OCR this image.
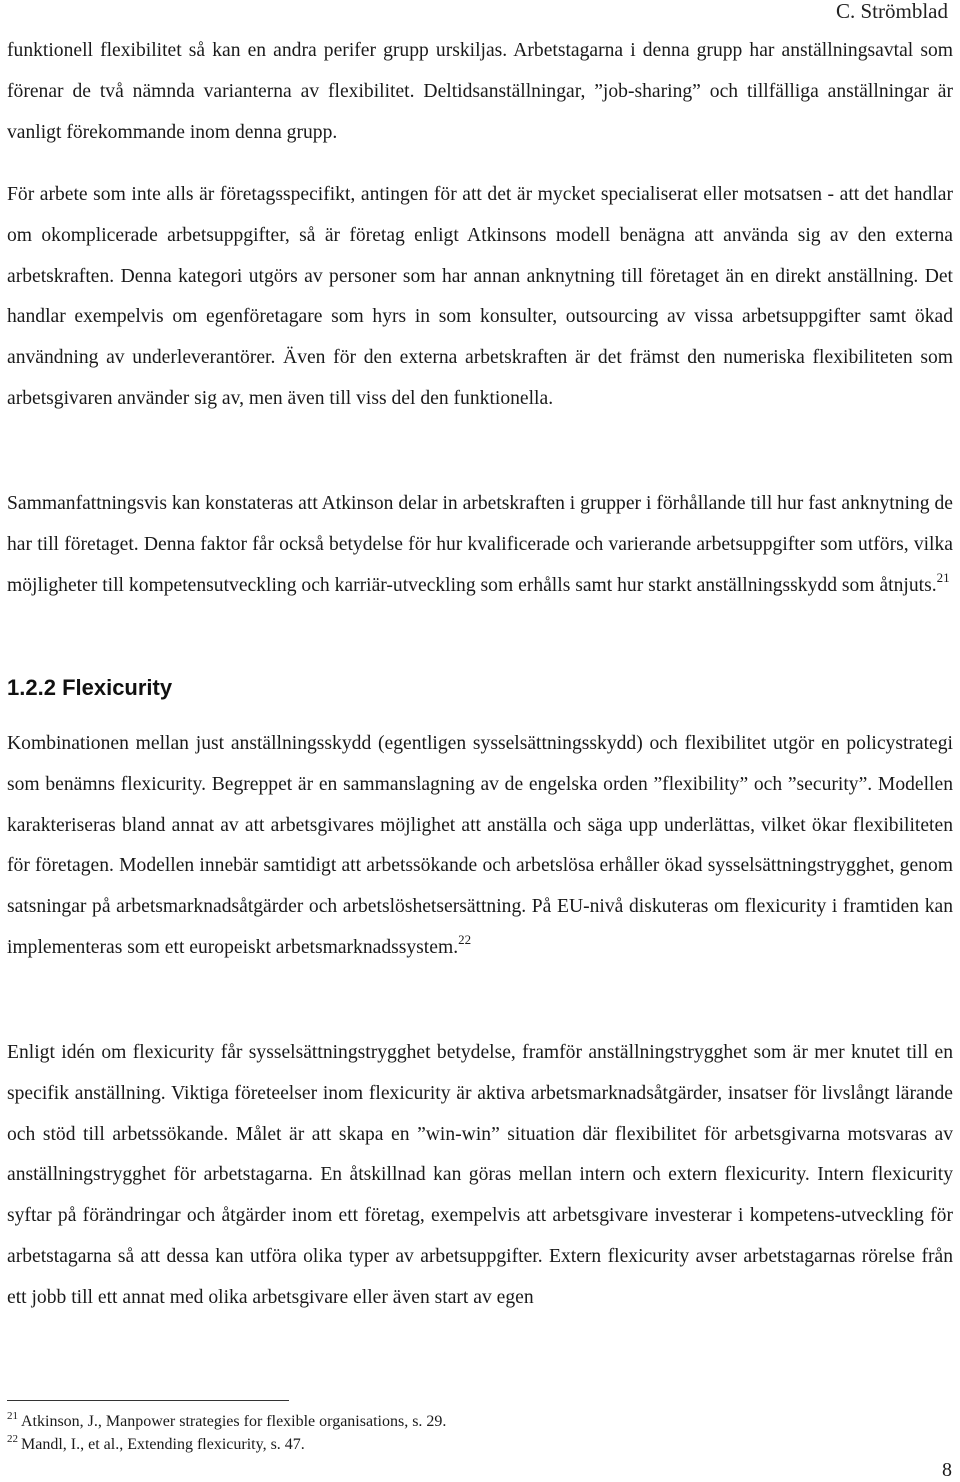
C. Strömblad

funktionell flexibilitet så kan en andra perifer grupp urskiljas. Arbetstagarna i denna grupp har anställningsavtal som förenar de två nämnda varianterna av flexibilitet. Deltidsanställningar, ”job-sharing” och tillfälliga anställningar är vanligt förekommande inom denna grupp.

För arbete som inte alls är företagsspecifikt, antingen för att det är mycket specialiserat eller motsatsen - att det handlar om okomplicerade arbetsuppgifter, så är företag enligt Atkinsons modell benägna att använda sig av den externa arbetskraften. Denna kategori utgörs av personer som har annan anknytning till företaget än en direkt anställning. Det handlar exempelvis om egenföretagare som hyrs in som konsulter, outsourcing av vissa arbetsuppgifter samt ökad användning av underleverantörer. Även för den externa arbetskraften är det främst den numeriska flexibiliteten som arbetsgivaren använder sig av, men även till viss del den funktionella.

Sammanfattningsvis kan konstateras att Atkinson delar in arbetskraften i grupper i förhållande till hur fast anknytning de har till företaget. Denna faktor får också betydelse för hur kvalificerade och varierande arbetsuppgifter som utförs, vilka möjligheter till kompetensutveckling och karriär-utveckling som erhålls samt hur starkt anställningsskydd som åtnjuts.$^{21}$

1.2.2 Flexicurity

Kombinationen mellan just anställningsskydd (egentligen sysselsättningsskydd) och flexibilitet utgör en policystrategi som benämns flexicurity. Begreppet är en sammanslagning av de engelska orden ”flexibility” och ”security”. Modellen karakteriseras bland annat av att arbetsgivares möjlighet att anställa och säga upp underlättas, vilket ökar flexibiliteten för företagen. Modellen innebär samtidigt att arbetssökande och arbetslösa erhåller ökad sysselsättningstrygghet, genom satsningar på arbetsmarknadsåtgärder och arbetslöshetsersättning. På EU-nivå diskuteras om flexicurity i framtiden kan implementeras som ett europeiskt arbetsmarknadssystem.$^{22}$

Enligt idén om flexicurity får sysselsättningstrygghet betydelse, framför anställningstrygghet som är mer knutet till en specifik anställning. Viktiga företeelser inom flexicurity är aktiva arbetsmarknadsåtgärder, insatser för livslångt lärande och stöd till arbetssökande. Målet är att skapa en ”win-win” situation där flexibilitet för arbetsgivarna motsvaras av anställningstrygghet för arbetstagarna. En åtskillnad kan göras mellan intern och extern flexicurity. Intern flexicurity syftar på förändringar och åtgärder inom ett företag, exempelvis att arbetsgivare investerar i kompetens-utveckling för arbetstagarna så att dessa kan utföra olika typer av arbetsuppgifter. Extern flexicurity avser arbetstagarnas rörelse från ett jobb till ett annat med olika arbetsgivare eller även start av egen

$^{21}$ Atkinson, J., Manpower strategies for flexible organisations, s. 29.

$^{22}$ Mandl, I., et al., Extending flexicurity, s. 47.

8
